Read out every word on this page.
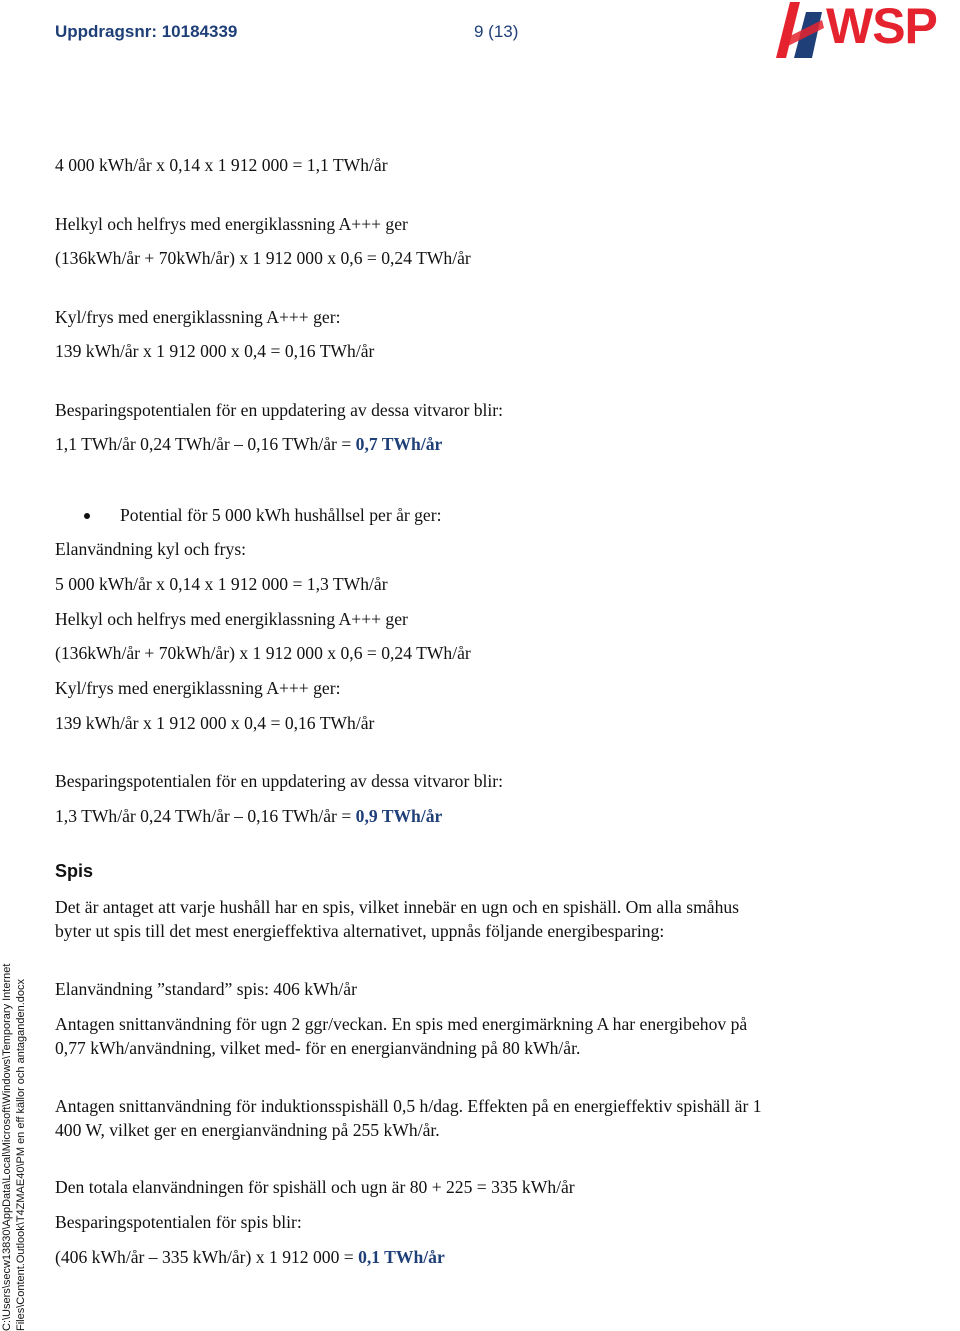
Uppdragsnr: 10184339	9 (13)	WSP
4 000 kWh/år x 0,14 x 1 912 000 = 1,1 TWh/år
Helkyl och helfrys med energiklassning A+++ ger
(136kWh/år + 70kWh/år) x 1 912 000 x 0,6 = 0,24 TWh/år
Kyl/frys med energiklassning A+++ ger:
139 kWh/år x 1 912 000 x 0,4 = 0,16 TWh/år
Besparingspotentialen för en uppdatering av dessa vitvaror blir:
1,1 TWh/år 0,24 TWh/år – 0,16 TWh/år = 0,7 TWh/år
Potential för 5 000 kWh hushållsel per år ger:
Elanvändning kyl och frys:
5 000 kWh/år x 0,14 x 1 912 000 = 1,3 TWh/år
Helkyl och helfrys med energiklassning A+++ ger
(136kWh/år + 70kWh/år) x 1 912 000 x 0,6 = 0,24 TWh/år
Kyl/frys med energiklassning A+++ ger:
139 kWh/år x 1 912 000 x 0,4 = 0,16 TWh/år
Besparingspotentialen för en uppdatering av dessa vitvaror blir:
1,3 TWh/år 0,24 TWh/år – 0,16 TWh/år = 0,9 TWh/år
Spis
Det är antaget att varje hushåll har en spis, vilket innebär en ugn och en spishäll. Om alla småhus byter ut spis till det mest energieffektiva alternativet, uppnås följande energibesparing:
Elanvändning ”standard” spis: 406 kWh/år
Antagen snittanvändning för ugn 2 ggr/veckan. En spis med energimärkning A har energibehov på 0,77 kWh/användning, vilket med- för en energianvändning på 80 kWh/år.
Antagen snittanvändning för induktionsspishäll 0,5 h/dag. Effekten på en energieffektiv spishäll är 1 400 W, vilket ger en energianvändning på 255 kWh/år.
Den totala elanvändningen för spishäll och ugn är 80 + 225 = 335 kWh/år
Besparingspotentialen för spis blir:
(406 kWh/år – 335 kWh/år) x 1 912 000 = 0,1 TWh/år
C:\Users\secw13830\AppData\Local\Microsoft\Windows\Temporary Internet Files\Content.Outlook\T4ZMAE40\PM en eff källor och antaganden.docx
